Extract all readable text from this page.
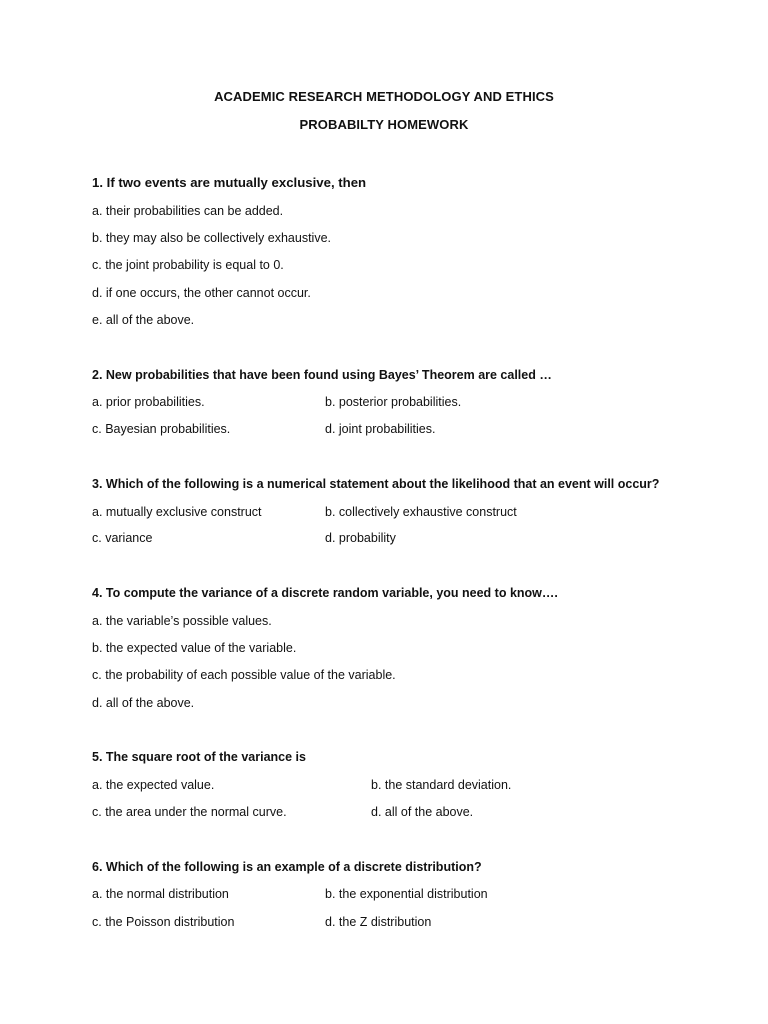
ACADEMIC RESEARCH METHODOLOGY AND ETHICS
PROBABILTY HOMEWORK
1. If two events are mutually exclusive, then
a. their probabilities can be added.
b. they may also be collectively exhaustive.
c. the joint probability is equal to 0.
d. if one occurs, the other cannot occur.
e. all of the above.
2. New probabilities that have been found using Bayes’ Theorem are called …
a. prior probabilities.	b. posterior probabilities.
c. Bayesian probabilities.	d. joint probabilities.
3. Which of the following is a numerical statement about the likelihood that an event will occur?
a. mutually exclusive construct	b. collectively exhaustive construct
c. variance	d. probability
4. To compute the variance of a discrete random variable, you need to know….
a. the variable’s possible values.
b. the expected value of the variable.
c. the probability of each possible value of the variable.
d. all of the above.
5. The square root of the variance is
a. the expected value.	b. the standard deviation.
c. the area under the normal curve.	d. all of the above.
6. Which of the following is an example of a discrete distribution?
a. the normal distribution	b. the exponential distribution
c. the Poisson distribution	d. the Z distribution
